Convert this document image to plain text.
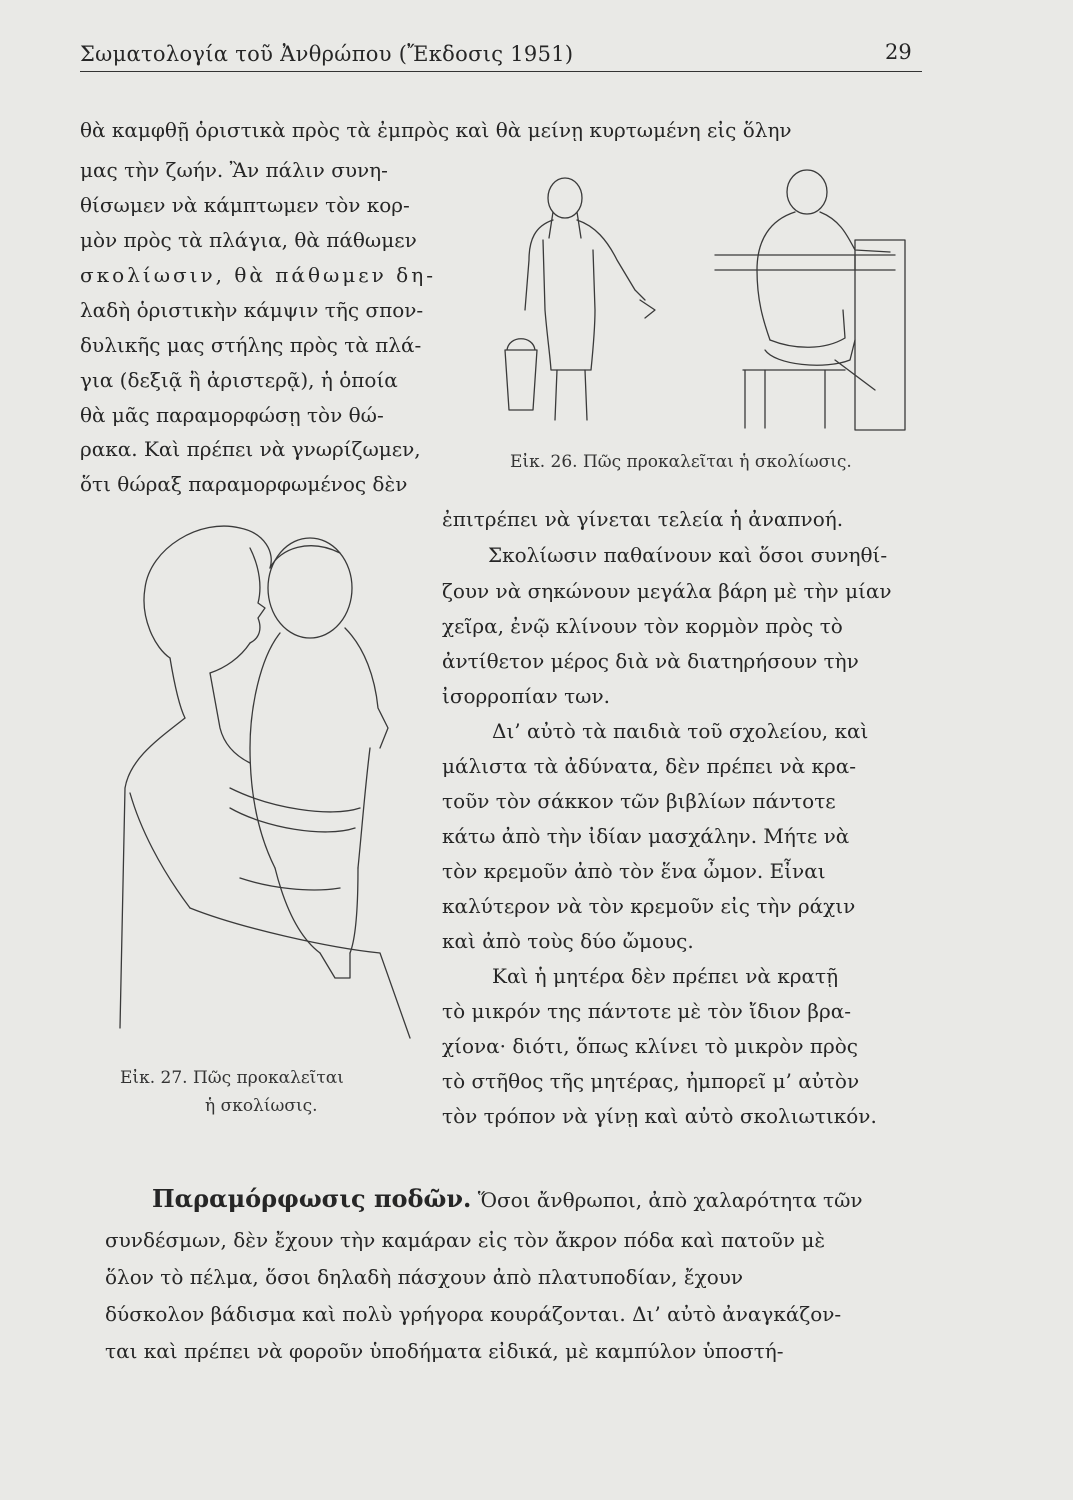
Σωματολογία τοῦ Ἀνθρώπου (Ἔκδοσις 1951)	29
θὰ καμφθῇ ὁριστικὰ πρὸς τὰ ἐμπρὸς καὶ θὰ μείνῃ κυρτωμένη εἰς ὅλην
μας τὴν ζωήν. Ἂν πάλιν συνη-
θίσωμεν νὰ κάμπτωμεν τὸν κορ-
μὸν πρὸς τὰ πλάγια, θὰ πάθωμεν
σκολίωσιν, θὰ πάθωμεν δη-
λαδὴ ὁριστικὴν κάμψιν τῆς σπον-
δυλικῆς μας στήλης πρὸς τὰ πλά-
για (δεξιᾷ ἢ ἀριστερᾷ), ἡ ὁποία
θὰ μᾶς παραμορφώσῃ τὸν θώ-
ρακα. Καὶ πρέπει νὰ γνωρίζωμεν,
ὅτι θώραξ παραμορφωμένος δὲν
Εἰκ. 26. Πῶς προκαλεῖται ἡ σκολίωσις.
ἐπιτρέπει νὰ γίνεται τελεία ἡ ἀναπνοή.
Σκολίωσιν παθαίνουν καὶ ὅσοι συνηθί-
ζουν νὰ σηκώνουν μεγάλα βάρη μὲ τὴν μίαν
χεῖρα, ἐνῷ κλίνουν τὸν κορμὸν πρὸς τὸ
ἀντίθετον μέρος διὰ νὰ διατηρήσουν τὴν
ἰσορροπίαν των.
Δι’ αὐτὸ τὰ παιδιὰ τοῦ σχολείου, καὶ
μάλιστα τὰ ἀδύνατα, δὲν πρέπει νὰ κρα-
τοῦν τὸν σάκκον τῶν βιβλίων πάντοτε
κάτω ἀπὸ τὴν ἰδίαν μασχάλην. Μήτε νὰ
τὸν κρεμοῦν ἀπὸ τὸν ἕνα ὦμον. Εἶναι
καλύτερον νὰ τὸν κρεμοῦν εἰς τὴν ράχιν
καὶ ἀπὸ τοὺς δύο ὤμους.
Καὶ ἡ μητέρα δὲν πρέπει νὰ κρατῇ
τὸ μικρόν της πάντοτε μὲ τὸν ἴδιον βρα-
χίονα· διότι, ὅπως κλίνει τὸ μικρὸν πρὸς
τὸ στῆθος τῆς μητέρας, ἠμπορεῖ μ’ αὐτὸν
τὸν τρόπον νὰ γίνῃ καὶ αὐτὸ σκολιωτικόν.
Εἰκ. 27. Πῶς προκαλεῖται
ἡ σκολίωσις.
Παραμόρφωσις ποδῶν. Ὅσοι ἄνθρωποι, ἀπὸ χαλαρότητα τῶν
συνδέσμων, δὲν ἔχουν τὴν καμάραν εἰς τὸν ἄκρον πόδα καὶ πατοῦν μὲ
ὅλον τὸ πέλμα, ὅσοι δηλαδὴ πάσχουν ἀπὸ πλατυποδίαν, ἔχουν
δύσκολον βάδισμα καὶ πολὺ γρήγορα κουράζονται. Δι’ αὐτὸ ἀναγκάζον-
ται καὶ πρέπει νὰ φοροῦν ὑποδήματα εἰδικά, μὲ καμπύλον ὑποστή-
